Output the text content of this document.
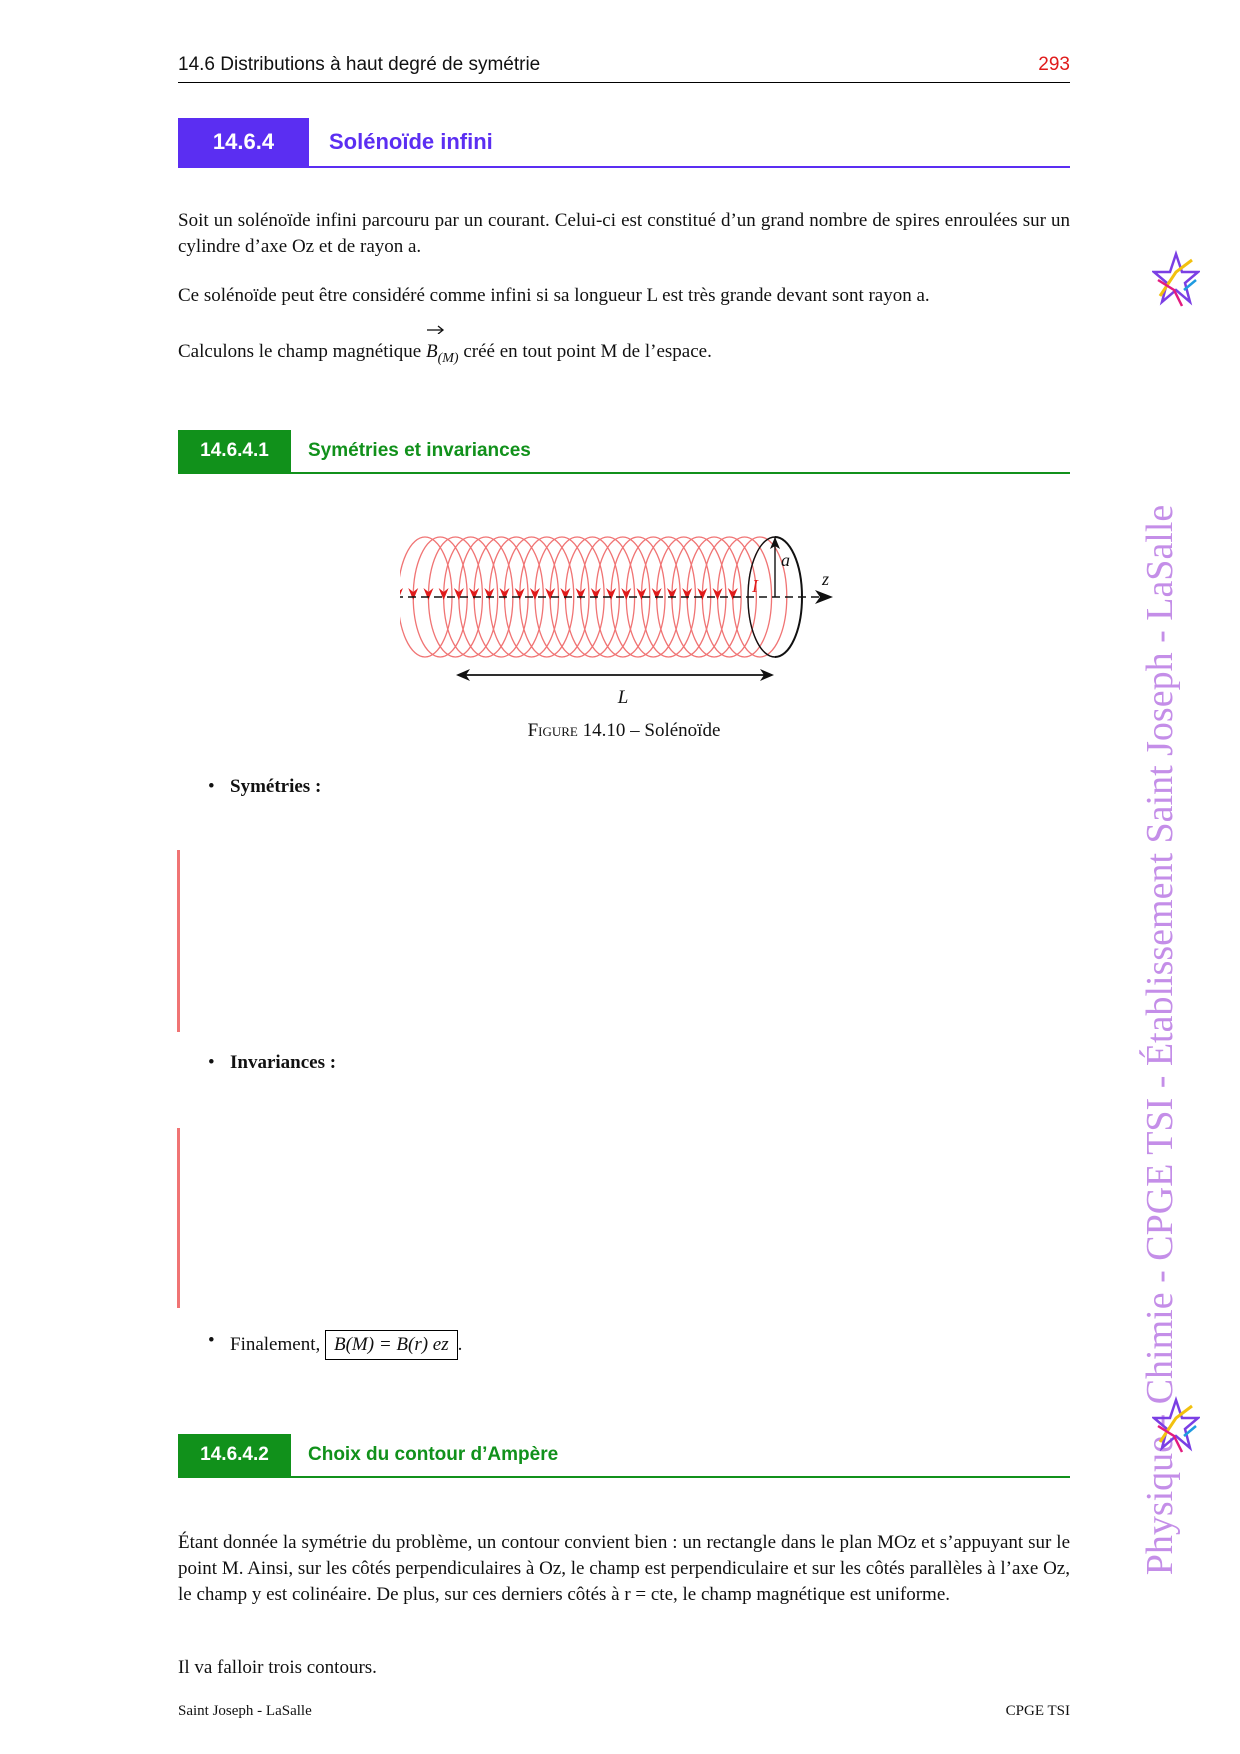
14.6 Distributions à haut degré de symétrie	293
14.6.4	Solénoïde infini
Soit un solénoïde infini parcouru par un courant. Celui-ci est constitué d’un grand nombre de spires enroulées sur un cylindre d’axe Oz et de rayon a.
Ce solénoïde peut être considéré comme infini si sa longueur L est très grande devant sont rayon a.
Calculons le champ magnétique $B_{(M)}$ créé en tout point M de l’espace.
14.6.4.1	Symétries et invariances
a
z
I
L
Figure 14.10 – Solénoïde
• Symétries :
• Invariances :
• Finalement, B(M) = B(r) ez .
14.6.4.2	Choix du contour d’Ampère
Étant donnée la symétrie du problème, un contour convient bien : un rectangle dans le plan MOz et s’appuyant sur le point M. Ainsi, sur les côtés perpendiculaires à Oz, le champ est perpendiculaire et sur les côtés parallèles à l’axe Oz, le champ y est colinéaire. De plus, sur ces derniers côtés à r = cte, le champ magnétique est uniforme.
Il va falloir trois contours.
Saint Joseph - LaSalle	CPGE TSI
Physique - Chimie - CPGE TSI - Établissement Saint Joseph - LaSalle
